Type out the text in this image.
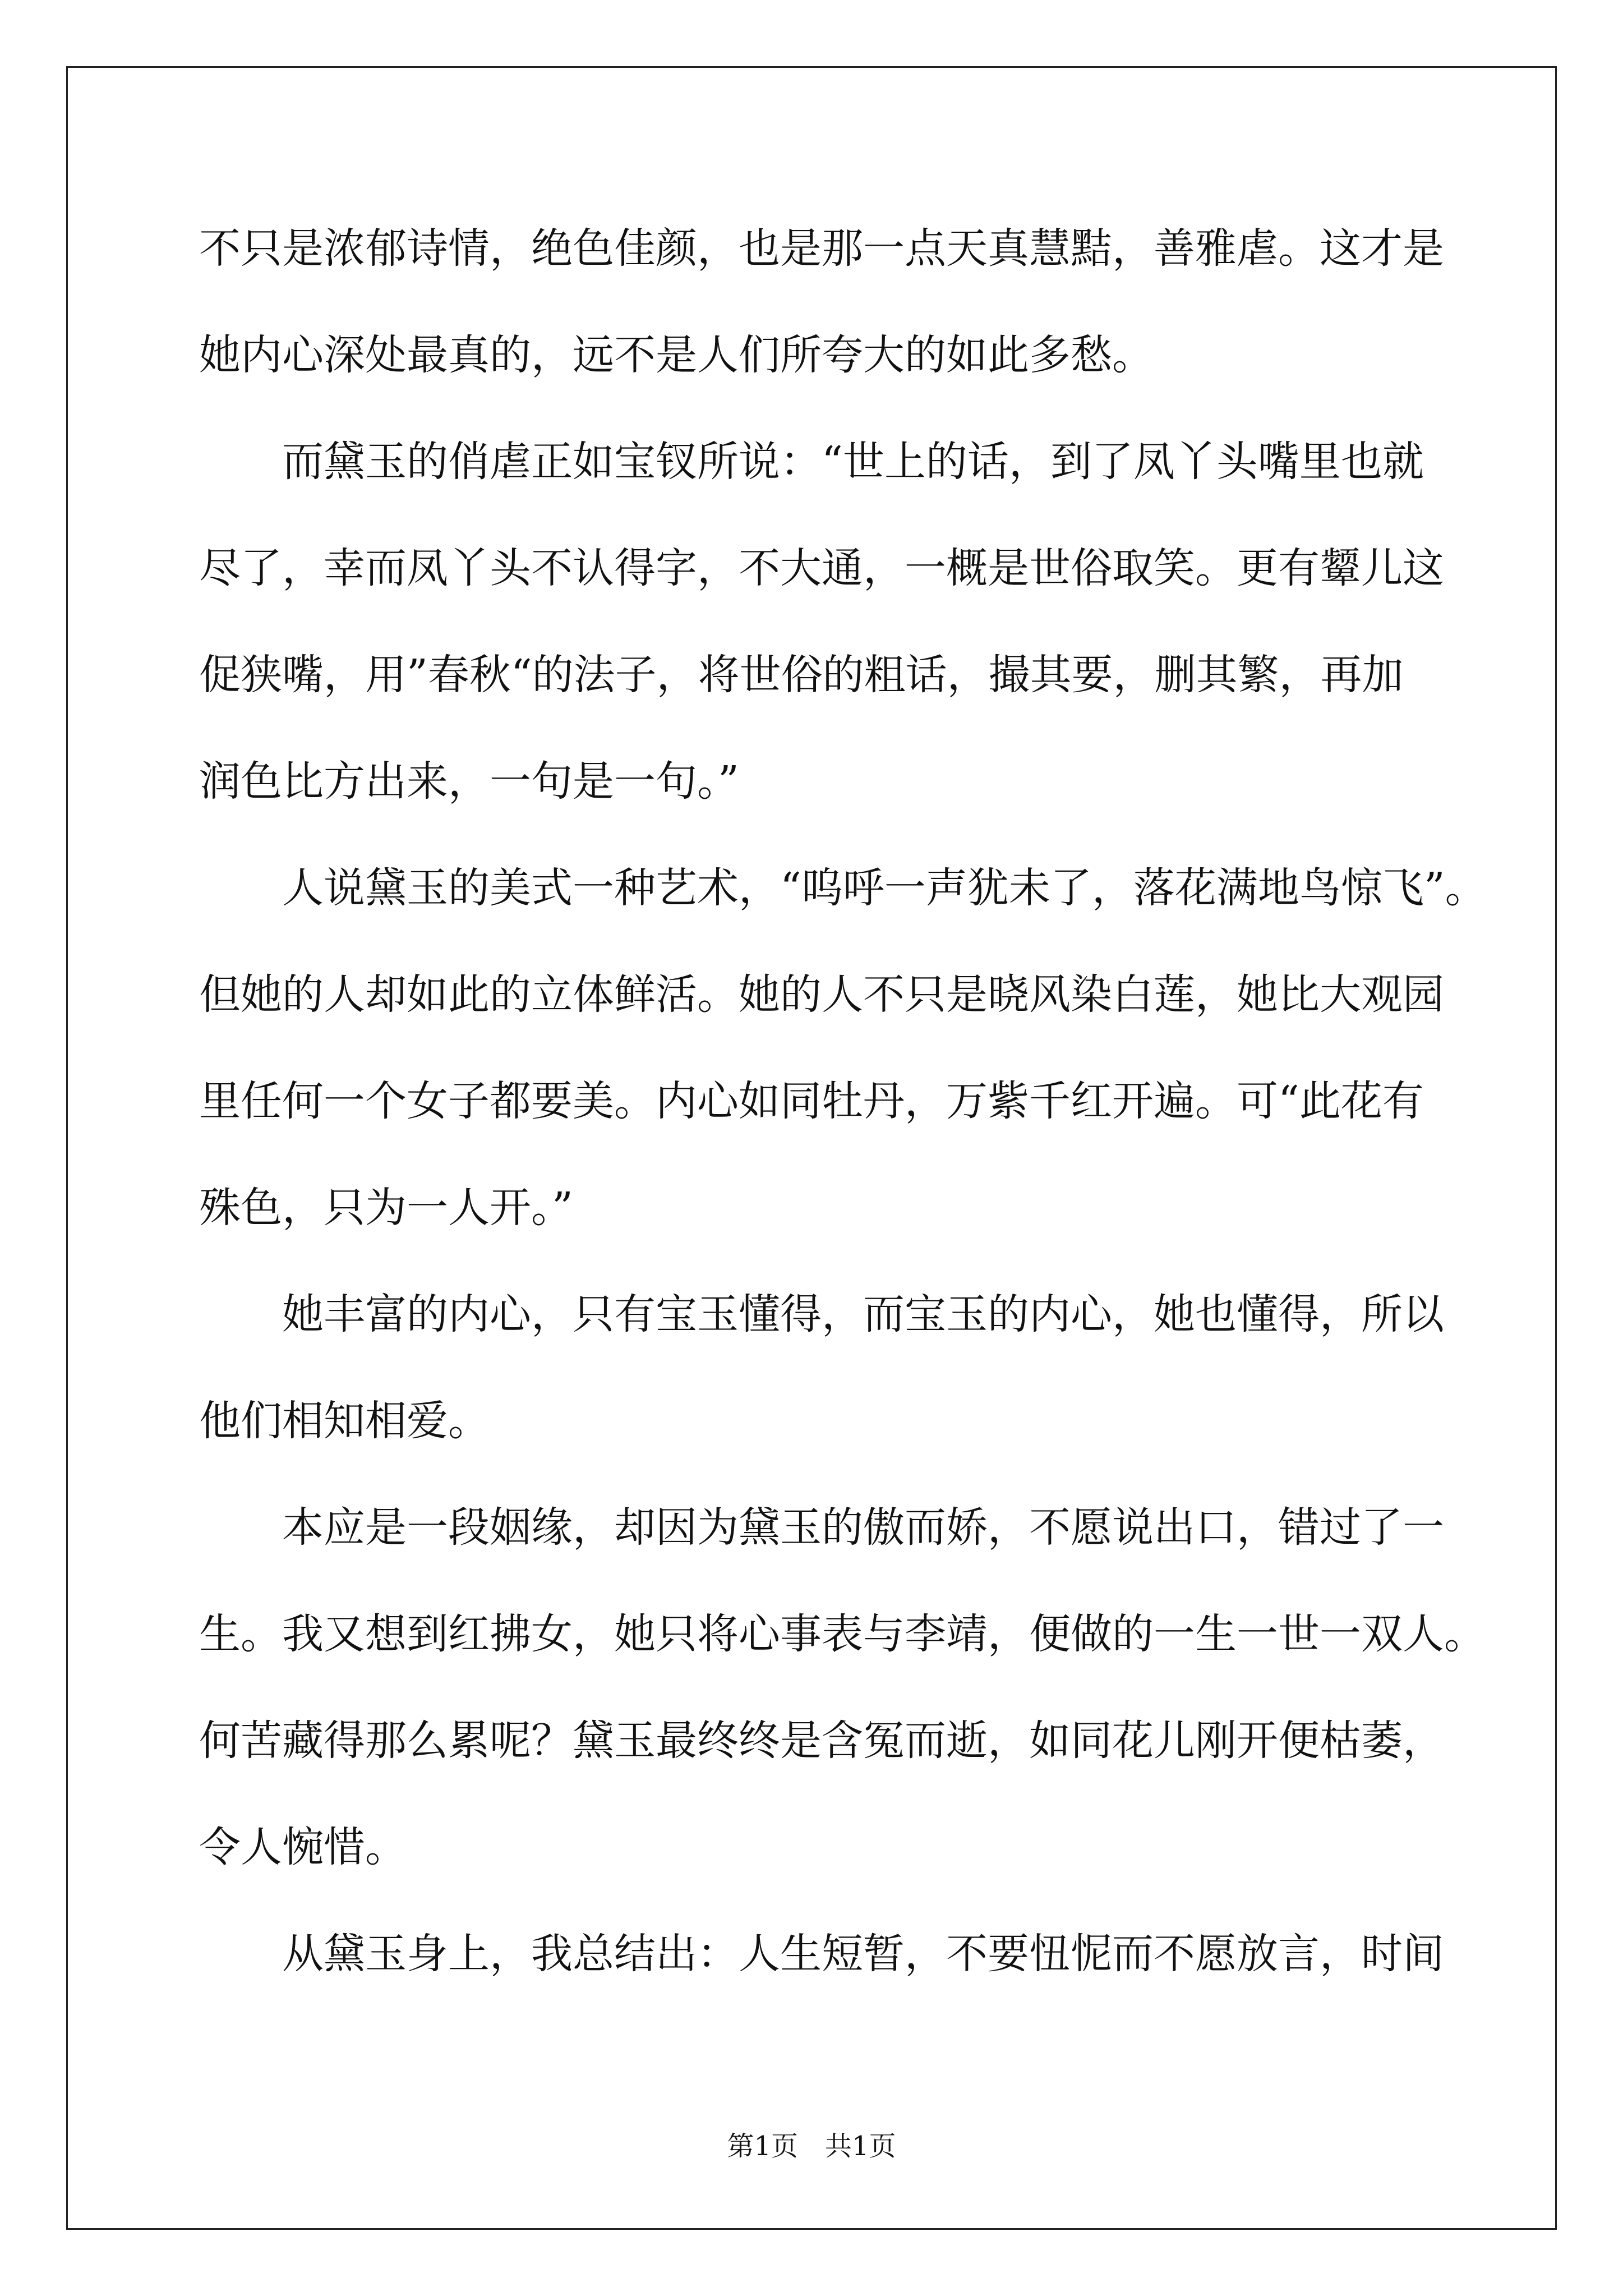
不只是浓郁诗情，绝色佳颜，也是那一点天真慧黠，善雅虐。这才是
她内心深处最真的，远不是人们所夸大的如此多愁。
　　而黛玉的俏虐正如宝钗所说：“世上的话，到了凤丫头嘴里也就
尽了，幸而凤丫头不认得字，不大通，一概是世俗取笑。更有颦儿这
促狭嘴，用”春秋“的法子，将世俗的粗话，撮其要，删其繁，再加
润色比方出来，一句是一句。”
　　人说黛玉的美式一种艺术，“呜呼一声犹未了，落花满地鸟惊飞”。
但她的人却如此的立体鲜活。她的人不只是晓风染白莲，她比大观园
里任何一个女子都要美。内心如同牡丹，万紫千红开遍。可“此花有
殊色，只为一人开。”
　　她丰富的内心，只有宝玉懂得，而宝玉的内心，她也懂得，所以
他们相知相爱。
　　本应是一段姻缘，却因为黛玉的傲而娇，不愿说出口，错过了一
生。我又想到红拂女，她只将心事表与李靖，便做的一生一世一双人。
何苦藏得那么累呢？黛玉最终终是含冤而逝，如同花儿刚开便枯萎，
令人惋惜。
　　从黛玉身上，我总结出：人生短暂，不要忸怩而不愿放言，时间
第1页 共1页
